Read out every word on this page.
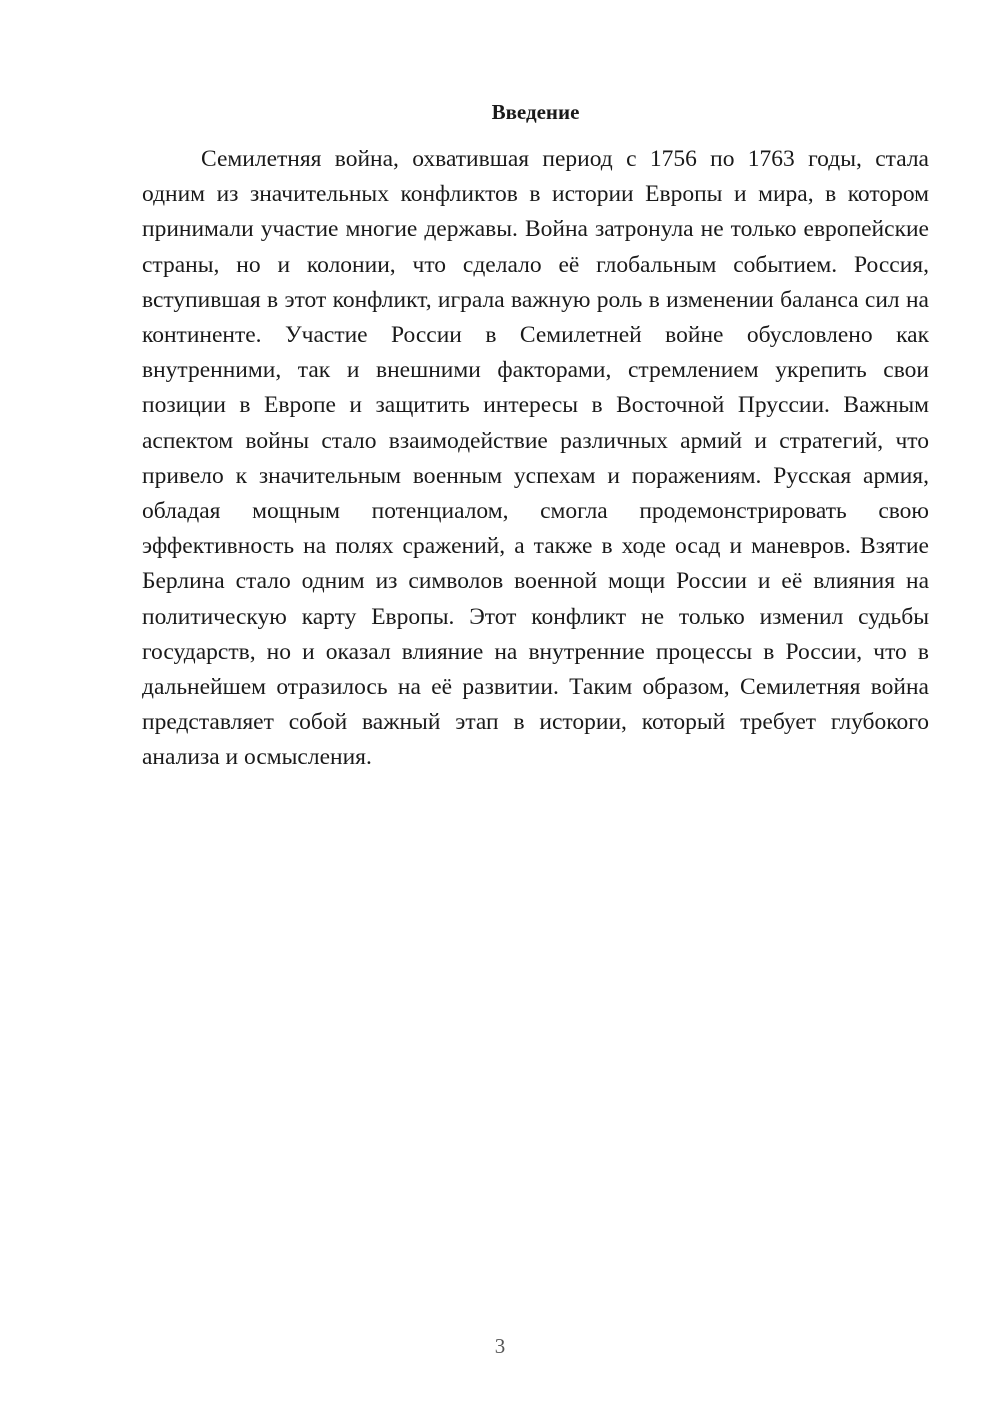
Введение

Семилетняя война, охватившая период с 1756 по 1763 годы, стала одним из значительных конфликтов в истории Европы и мира, в котором принимали участие многие державы. Война затронула не только европейские страны, но и колонии, что сделало её глобальным событием. Россия, вступившая в этот конфликт, играла важную роль в изменении баланса сил на континенте. Участие России в Семилетней войне обусловлено как внутренними, так и внешними факторами, стремлением укрепить свои позиции в Европе и защитить интересы в Восточной Пруссии. Важным аспектом войны стало взаимодействие различных армий и стратегий, что привело к значительным военным успехам и поражениям. Русская армия, обладая мощным потенциалом, смогла продемонстрировать свою эффективность на полях сражений, а также в ходе осад и маневров. Взятие Берлина стало одним из символов военной мощи России и её влияния на политическую карту Европы. Этот конфликт не только изменил судьбы государств, но и оказал влияние на внутренние процессы в России, что в дальнейшем отразилось на её развитии. Таким образом, Семилетняя война представляет собой важный этап в истории, который требует глубокого анализа и осмысления.

3
